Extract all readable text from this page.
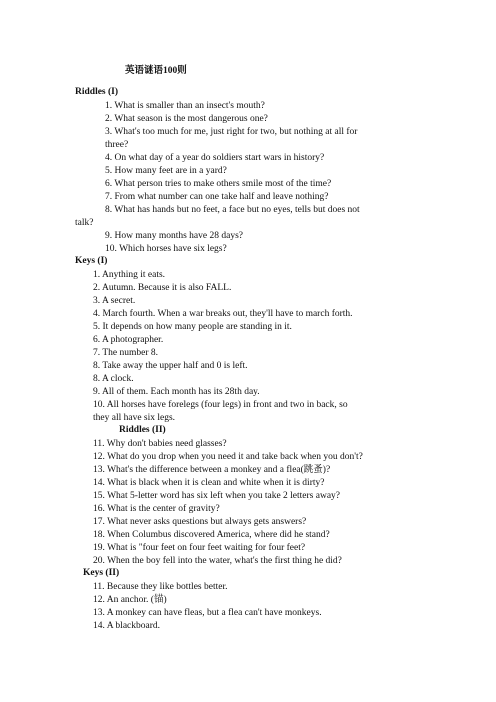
英语谜语100则
Riddles (I)
1. What is smaller than an insect's mouth?
2. What season is the most dangerous one?
3. What's too much for me, just right for two, but nothing at all for
three?
4. On what day of a year do soldiers start wars in history?
5. How many feet are in a yard?
6. What person tries to make others smile most of the time?
7. From what number can one take half and leave nothing?
8. What has hands but no feet, a face but no eyes, tells but does not
talk?
9. How many months have 28 days?
10. Which horses have six legs?
Keys (I)
1. Anything it eats.
2. Autumn. Because it is also FALL.
3. A secret.
4. March fourth. When a war breaks out, they'll have to march forth.
5. It depends on how many people are standing in it.
6. A photographer.
7. The number 8.
8. Take away the upper half and 0 is left.
8. A clock.
9. All of them. Each month has its 28th day.
10. All horses have forelegs (four legs) in front and two in back, so
they all have six legs.
Riddles (II)
11. Why don't babies need glasses?
12. What do you drop when you need it and take back when you don't?
13. What's the difference between a monkey and a flea(跳蚤)?
14. What is black when it is clean and white when it is dirty?
15. What 5-letter word has six left when you take 2 letters away?
16. What is the center of gravity?
17. What never asks questions but always gets answers?
18. When Columbus discovered America, where did he stand?
19. What is "four feet on four feet waiting for four feet?
20. When the boy fell into the water, what's the first thing he did?
Keys (II)
11. Because they like bottles better.
12. An anchor. (锚)
13. A monkey can have fleas, but a flea can't have monkeys.
14. A blackboard.
